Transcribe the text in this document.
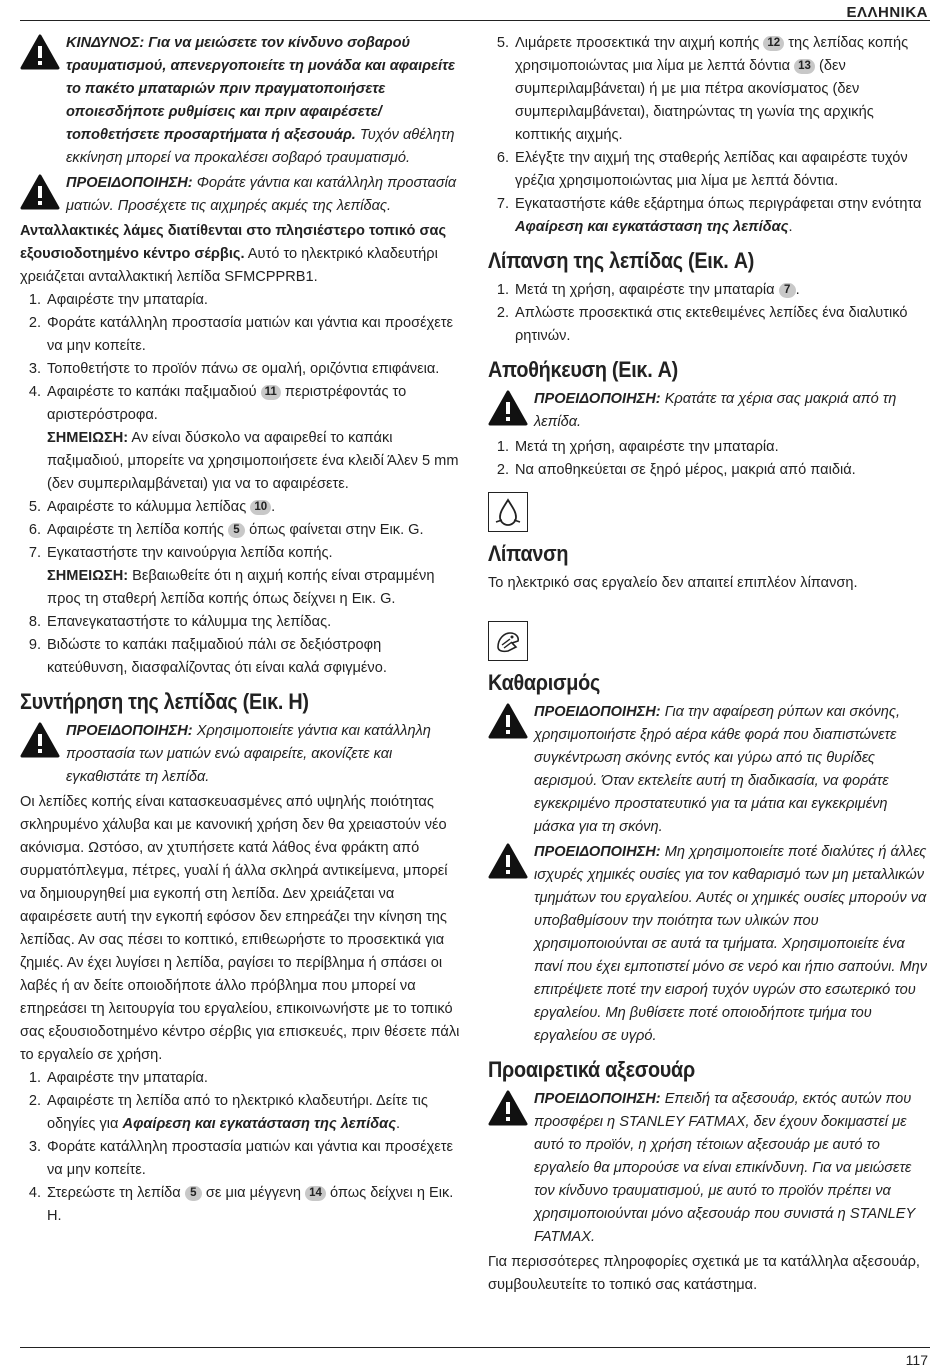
ΕΛΛΗΝΙΚΑ
ΚΙΝΔΥΝΟΣ: Για να μειώσετε τον κίνδυνο σοβαρού τραυματισμού, απενεργοποιείτε τη μονάδα και αφαιρείτε το πακέτο μπαταριών πριν πραγματοποιήσετε οποιεσδήποτε ρυθμίσεις και πριν αφαιρέσετε/ τοποθετήσετε προσαρτήματα ή αξεσουάρ. Τυχόν αθέλητη εκκίνηση μπορεί να προκαλέσει σοβαρό τραυματισμό.
ΠΡΟΕΙΔΟΠΟΙΗΣΗ: Φοράτε γάντια και κατάλληλη προστασία ματιών. Προσέχετε τις αιχμηρές ακμές της λεπίδας.

Ανταλλακτικές λάμες διατίθενται στο πλησιέστερο τοπικό σας εξουσιοδοτημένο κέντρο σέρβις. Αυτό το ηλεκτρικό κλαδευτήρι χρειάζεται ανταλλακτική λεπίδα SFMCPPRB1.

1. Αφαιρέστε την μπαταρία.
2. Φοράτε κατάλληλη προστασία ματιών και γάντια και προσέχετε να μην κοπείτε.
3. Τοποθετήστε το προϊόν πάνω σε ομαλή, οριζόντια επιφάνεια.
4. Αφαιρέστε το καπάκι παξιμαδιού 11 περιστρέφοντάς το αριστερόστροφα.
ΣΗΜΕΙΩΣΗ: Αν είναι δύσκολο να αφαιρεθεί το καπάκι παξιμαδιού, μπορείτε να χρησιμοποιήσετε ένα κλειδί Άλεν 5 mm (δεν συμπεριλαμβάνεται) για να το αφαιρέσετε.
5. Αφαιρέστε το κάλυμμα λεπίδας 10 .
6. Αφαιρέστε τη λεπίδα κοπής 5 όπως φαίνεται στην Εικ. G.
7. Εγκαταστήστε την καινούργια λεπίδα κοπής.
ΣΗΜΕΙΩΣΗ: Βεβαιωθείτε ότι η αιχμή κοπής είναι στραμμένη προς τη σταθερή λεπίδα κοπής όπως δείχνει η Εικ. G.
8. Επανεγκαταστήστε το κάλυμμα της λεπίδας.
9. Βιδώστε το καπάκι παξιμαδιού πάλι σε δεξιόστροφη κατεύθυνση, διασφαλίζοντας ότι είναι καλά σφιγμένο.
Συντήρηση της λεπίδας (Εικ. H)
ΠΡΟΕΙΔΟΠΟΙΗΣΗ: Χρησιμοποιείτε γάντια και κατάλληλη προστασία των ματιών ενώ αφαιρείτε, ακονίζετε και εγκαθιστάτε τη λεπίδα.

Οι λεπίδες κοπής είναι κατασκευασμένες από υψηλής ποιότητας σκληρυμένο χάλυβα και με κανονική χρήση δεν θα χρειαστούν νέο ακόνισμα. Ωστόσο, αν χτυπήσετε κατά λάθος ένα φράκτη από συρματόπλεγμα, πέτρες, γυαλί ή άλλα σκληρά αντικείμενα, μπορεί να δημιουργηθεί μια εγκοπή στη λεπίδα. Δεν χρειάζεται να αφαιρέσετε αυτή την εγκοπή εφόσον δεν επηρεάζει την κίνηση της λεπίδας. Αν σας πέσει το κοπτικό, επιθεωρήστε το προσεκτικά για ζημιές. Αν έχει λυγίσει η λεπίδα, ραγίσει το περίβλημα ή σπάσει οι λαβές ή αν δείτε οποιοδήποτε άλλο πρόβλημα που μπορεί να επηρεάσει τη λειτουργία του εργαλείου, επικοινωνήστε με το τοπικό σας εξουσιοδοτημένο κέντρο σέρβις για επισκευές, πριν θέσετε πάλι το εργαλείο σε χρήση.

1. Αφαιρέστε την μπαταρία.
2. Αφαιρέστε τη λεπίδα από το ηλεκτρικό κλαδευτήρι. Δείτε τις οδηγίες για Αφαίρεση και εγκατάσταση της λεπίδας.
3. Φοράτε κατάλληλη προστασία ματιών και γάντια και προσέχετε να μην κοπείτε.
4. Στερεώστε τη λεπίδα 5 σε μια μέγγενη 14 όπως δείχνει η Εικ. H.
5. Λιμάρετε προσεκτικά την αιχμή κοπής 12 της λεπίδας κοπής χρησιμοποιώντας μια λίμα με λεπτά δόντια 13 (δεν συμπεριλαμβάνεται) ή με μια πέτρα ακονίσματος (δεν συμπεριλαμβάνεται), διατηρώντας τη γωνία της αρχικής κοπτικής αιχμής.
6. Ελέγξτε την αιχμή της σταθερής λεπίδας και αφαιρέστε τυχόν γρέζια χρησιμοποιώντας μια λίμα με λεπτά δόντια.
7. Εγκαταστήστε κάθε εξάρτημα όπως περιγράφεται στην ενότητα Αφαίρεση και εγκατάσταση της λεπίδας.
Λίπανση της λεπίδας (Εικ. A)
1. Μετά τη χρήση, αφαιρέστε την μπαταρία 7 .
2. Απλώστε προσεκτικά στις εκτεθειμένες λεπίδες ένα διαλυτικό ρητινών.
Αποθήκευση (Εικ. A)
ΠΡΟΕΙΔΟΠΟΙΗΣΗ: Κρατάτε τα χέρια σας μακριά από τη λεπίδα.
1. Μετά τη χρήση, αφαιρέστε την μπαταρία.
2. Να αποθηκεύεται σε ξηρό μέρος, μακριά από παιδιά.
Λίπανση

Το ηλεκτρικό σας εργαλείο δεν απαιτεί επιπλέον λίπανση.

Καθαρισμός
ΠΡΟΕΙΔΟΠΟΙΗΣΗ: Για την αφαίρεση ρύπων και σκόνης, χρησιμοποιήστε ξηρό αέρα κάθε φορά που διαπιστώνετε συγκέντρωση σκόνης εντός και γύρω από τις θυρίδες αερισμού. Όταν εκτελείτε αυτή τη διαδικασία, να φοράτε εγκεκριμένο προστατευτικό για τα μάτια και εγκεκριμένη μάσκα για τη σκόνη.
ΠΡΟΕΙΔΟΠΟΙΗΣΗ: Μη χρησιμοποιείτε ποτέ διαλύτες ή άλλες ισχυρές χημικές ουσίες για τον καθαρισμό των μη μεταλλικών τμημάτων του εργαλείου. Αυτές οι χημικές ουσίες μπορούν να υποβαθμίσουν την ποιότητα των υλικών που χρησιμοποιούνται σε αυτά τα τμήματα. Χρησιμοποιείτε ένα πανί που έχει εμποτιστεί μόνο σε νερό και ήπιο σαπούνι. Μην επιτρέψετε ποτέ την εισροή τυχόν υγρών στο εσωτερικό του εργαλείου. Μη βυθίσετε ποτέ οποιοδήποτε τμήμα του εργαλείου σε υγρό.
Προαιρετικά αξεσουάρ
ΠΡΟΕΙΔΟΠΟΙΗΣΗ: Επειδή τα αξεσουάρ, εκτός αυτών που προσφέρει η STANLEY FATMAX, δεν έχουν δοκιμαστεί με αυτό το προϊόν, η χρήση τέτοιων αξεσουάρ με αυτό το εργαλείο θα μπορούσε να είναι επικίνδυνη. Για να μειώσετε τον κίνδυνο τραυματισμού, με αυτό το προϊόν πρέπει να χρησιμοποιούνται μόνο αξεσουάρ που συνιστά η STANLEY FATMAX.

Για περισσότερες πληροφορίες σχετικά με τα κατάλληλα αξεσουάρ, συμβουλευτείτε το τοπικό σας κατάστημα.

117
